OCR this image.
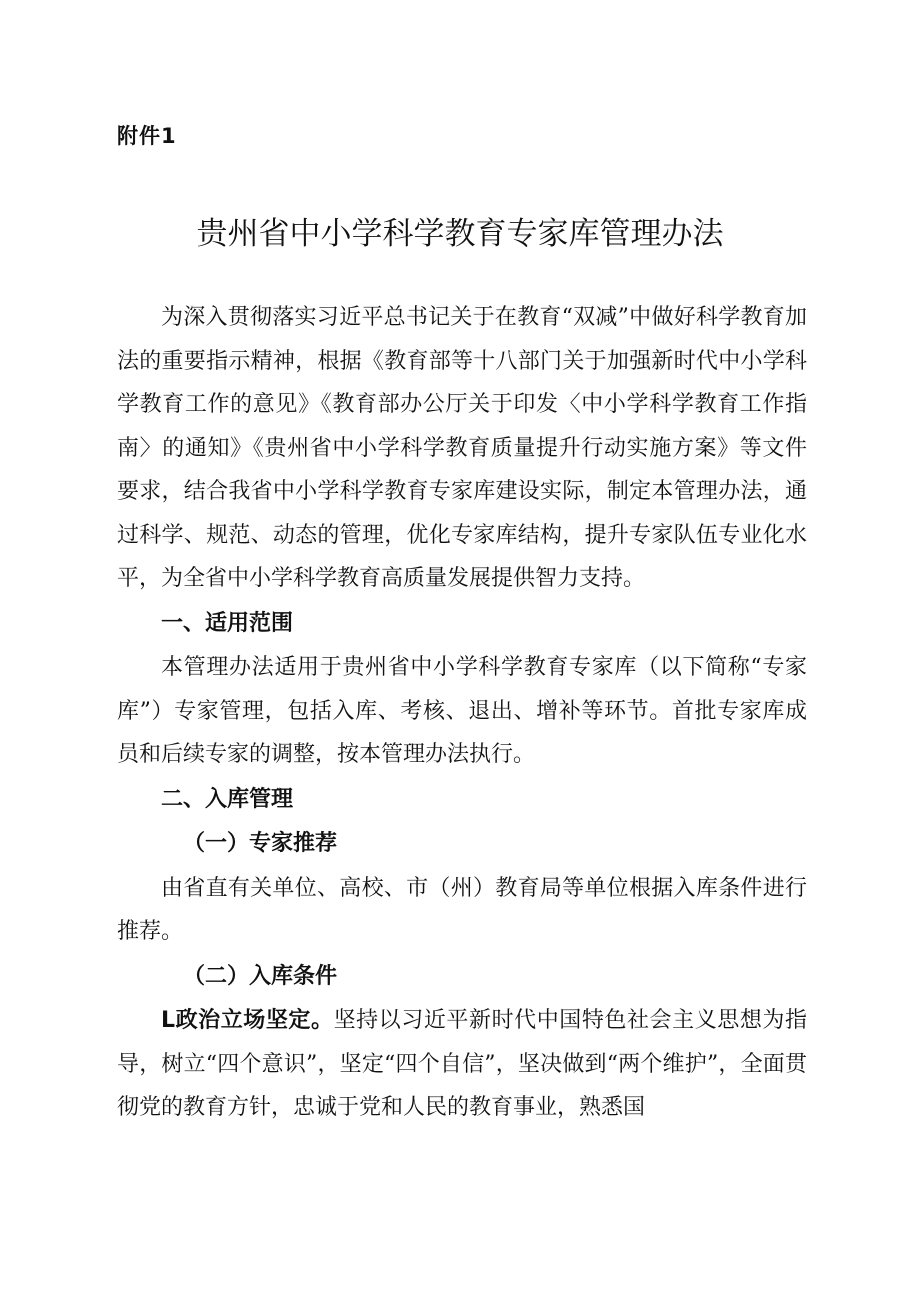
附件1
贵州省中小学科学教育专家库管理办法

为深入贯彻落实习近平总书记关于在教育“双减”中做好科学教育加法的重要指示精神，根据《教育部等十八部门关于加强新时代中小学科学教育工作的意见》《教育部办公厅关于印发〈中小学科学教育工作指南〉的通知》《贵州省中小学科学教育质量提升行动实施方案》等文件要求，结合我省中小学科学教育专家库建设实际，制定本管理办法，通过科学、规范、动态的管理，优化专家库结构，提升专家队伍专业化水平，为全省中小学科学教育高质量发展提供智力支持。

一、适用范围

本管理办法适用于贵州省中小学科学教育专家库（以下简称“专家库”）专家管理，包括入库、考核、退出、增补等环节。首批专家库成员和后续专家的调整，按本管理办法执行。

二、入库管理

（一）专家推荐

由省直有关单位、高校、市（州）教育局等单位根据入库条件进行推荐。

（二）入库条件

L政治立场坚定。坚持以习近平新时代中国特色社会主义思想为指导，树立“四个意识”，坚定“四个自信”，坚决做到“两个维护”，全面贯彻党的教育方针，忠诚于党和人民的教育事业，熟悉国
